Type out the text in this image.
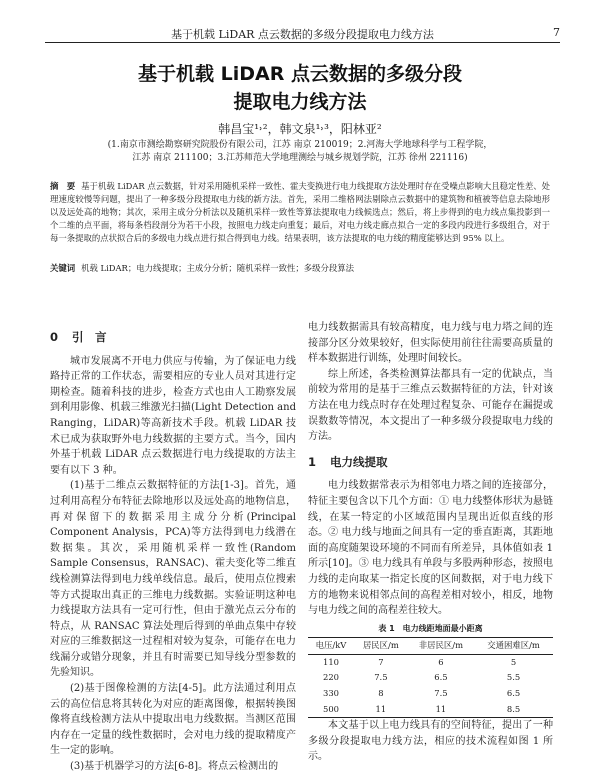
基于机载 LiDAR 点云数据的多级分段提取电力线方法	7
基于机载 LiDAR 点云数据的多级分段
提取电力线方法
韩昌宝¹˒²，韩文泉¹˒³，阳林亚²
(1.南京市测绘勘察研究院股份有限公司，江苏 南京 210019；2.河海大学地球科学与工程学院，
江苏 南京 211100；3.江苏师范大学地理测绘与城乡规划学院，江苏 徐州 221116)
摘　要 基于机载 LiDAR 点云数据，针对采用随机采样一致性、霍夫变换进行电力线提取方法处理时存在受噪点影响大且稳定性差、处理速度较慢等问题，提出了一种多级分段提取电力线的新方法。首先，采用二维格网法剔除点云数据中的建筑物和植被等信息去除地形以及远处高的地物；其次，采用主成分分析法以及随机采样一致性等算法提取电力线候选点；然后，将上步得到的电力线点集投影到一个二维的点平面，将每条档段剖分为若干小段，按照电力线走向重复；最后，对电力线走廊点拟合一定的多段内段进行多级组合，对于每一条提取的点状拟合后的多级电力线点进行拟合得到电力线。结果表明，该方法提取的电力线的精度能够达到 95% 以上。
关键词 机载 LiDAR；电力线提取；主成分分析；随机采样一致性；多级分段算法
0 引　言

城市发展离不开电力供应与传输，为了保证电力线路持正常的工作状态，需要相应的专业人员对其进行定期检查。随着科技的进步，检查方式也由人工勘察发展到利用影像、机载三维激光扫描(Light Detection and Ranging，LiDAR)等高新技术手段。机载 LiDAR 技术已成为获取野外电力线数据的主要方式。当今，国内外基于机载 LiDAR 点云数据进行电力线提取的方法主要有以下 3 种。

(1)基于二维点云数据特征的方法[1-3]。首先，通过利用高程分布特征去除地形以及远处高的地物信息，再对保留下的数据采用主成分分析(Principal Component Analysis，PCA)等方法得到电力线潜在数据集。其次，采用随机采样一致性(Random Sample Consensus，RANSAC)、霍夫变化等二维直线检测算法得到电力线单线信息。最后，使用点位搜索等方式提取出真正的三维电力线数据。实验证明这种电力线提取方法具有一定可行性，但由于激光点云分布的特点，从 RANSAC 算法处理后得到的单曲点集中存较对应的三维数据这一过程相对较为复杂，可能存在电力线漏分或错分现象，并且有时需要已知导线分型参数的先验知识。

(2)基于图像检测的方法[4-5]。此方法通过利用点云的高位信息将其转化为对应的距离图像，根据转换图像将直线检测方法从中提取出电力线数据。当测区范围内存在一定量的线性数据时，会对电力线的提取精度产生一定的影响。

(3)基于机器学习的方法[6-8]。将点云检测出的

电力线数据需具有较高精度，电力线与电力塔之间的连接部分区分效果较好，但实际使用前往往需要高质量的样本数据进行训练，处理时间较长。

综上所述，各类检测算法都具有一定的优缺点，当前较为常用的是基于三维点云数据特征的方法，针对该方法在电力线点时存在处理过程复杂、可能存在漏提或误数数等情况，本文提出了一种多级分段提取电力线的方法。

1 电力线提取

电力线数据常表示为相邻电力塔之间的连接部分，特征主要包含以下几个方面：① 电力线整体形状为悬链线，在某一特定的小区域范围内呈现出近似直线的形态。② 电力线与地面之间具有一定的垂直距离，其距地面的高度随架设环境的不同而有所差异，具体值如表 1 所示[10]。③ 电力线具有单段与多股两种形态，按照电力线的走向取某一指定长度的区间数据，对于电力线下方的地物来说相邻点间的高程差相对较小，相反，地物与电力线之间的高程差往较大。

表 1　电力线距地面最小距离
电压/kV	居民区/m	非居民区/m	交通困难区/m
110	7	6	5
220	7.5	6.5	5.5
330	8	7.5	6.5
500	11	11	8.5

本文基于以上电力线具有的空间特征，提出了一种多级分段提取电力线方法，相应的技术流程如图 1 所示。
